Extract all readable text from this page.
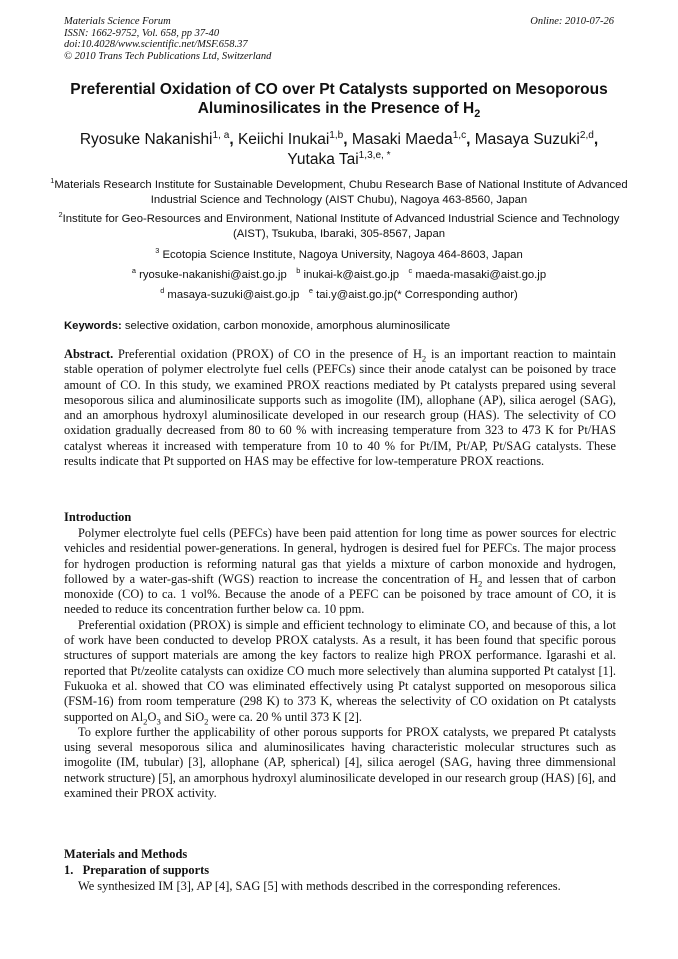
Materials Science Forum
ISSN: 1662-9752, Vol. 658, pp 37-40
doi:10.4028/www.scientific.net/MSF.658.37
© 2010 Trans Tech Publications Ltd, Switzerland
Online: 2010-07-26
Preferential Oxidation of CO over Pt Catalysts supported on Mesoporous
Aluminosilicates in the Presence of $H_2$
Ryosuke Nakanishi$^{1, a}$, Keiichi Inukai$^{1,b}$, Masaki Maeda$^{1,c}$, Masaya Suzuki$^{2,d}$,
Yutaka Tai$^{1,3,e, *}$
$^1$Materials Research Institute for Sustainable Development, Chubu Research Base of National Institute of Advanced Industrial Science and Technology (AIST Chubu), Nagoya 463-8560, Japan
$^2$Institute for Geo-Resources and Environment, National Institute of Advanced Industrial Science and Technology (AIST), Tsukuba, Ibaraki, 305-8567, Japan
$^3$ Ecotopia Science Institute, Nagoya University, Nagoya 464-8603, Japan
$^a$ ryosuke-nakanishi@aist.go.jp $^b$ inukai-k@aist.go.jp $^c$ maeda-masaki@aist.go.jp
$^d$ masaya-suzuki@aist.go.jp $^e$ tai.y@aist.go.jp(* Corresponding author)
Keywords: selective oxidation, carbon monoxide, amorphous aluminosilicate

Abstract. Preferential oxidation (PROX) of CO in the presence of $H_2$ is an important reaction to maintain stable operation of polymer electrolyte fuel cells (PEFCs) since their anode catalyst can be poisoned by trace amount of CO. In this study, we examined PROX reactions mediated by Pt catalysts prepared using several mesoporous silica and aluminosilicate supports such as imogolite (IM), allophane (AP), silica aerogel (SAG), and an amorphous hydroxyl aluminosilicate developed in our research group (HAS). The selectivity of CO oxidation gradually decreased from 80 to 60 % with increasing temperature from 323 to 473 K for Pt/HAS catalyst whereas it increased with temperature from 10 to 40 % for Pt/IM, Pt/AP, Pt/SAG catalysts. These results indicate that Pt supported on HAS may be effective for low-temperature PROX reactions.

Introduction

Polymer electrolyte fuel cells (PEFCs) have been paid attention for long time as power sources for electric vehicles and residential power-generations. In general, hydrogen is desired fuel for PEFCs. The major process for hydrogen production is reforming natural gas that yields a mixture of carbon monoxide and hydrogen, followed by a water-gas-shift (WGS) reaction to increase the concentration of $H_2$ and lessen that of carbon monoxide (CO) to ca. 1 vol%. Because the anode of a PEFC can be poisoned by trace amount of CO, it is needed to reduce its concentration further below ca. 10 ppm.

Preferential oxidation (PROX) is simple and efficient technology to eliminate CO, and because of this, a lot of work have been conducted to develop PROX catalysts. As a result, it has been found that specific porous structures of support materials are among the key factors to realize high PROX performance. Igarashi et al. reported that Pt/zeolite catalysts can oxidize CO much more selectively than alumina supported Pt catalyst [1]. Fukuoka et al. showed that CO was eliminated effectively using Pt catalyst supported on mesoporous silica (FSM-16) from room temperature (298 K) to 373 K, whereas the selectivity of CO oxidation on Pt catalysts supported on $Al_2O_3$ and SiO$_2$ were ca. 20 % until 373 K [2].

To explore further the applicability of other porous supports for PROX catalysts, we prepared Pt catalysts using several mesoporous silica and aluminosilicates having characteristic molecular structures such as imogolite (IM, tubular) [3], allophane (AP, spherical) [4], silica aerogel (SAG, having three dimmensional network structure) [5], an amorphous hydroxyl aluminosilicate developed in our research group (HAS) [6], and examined their PROX activity.

Materials and Methods
1.   Preparation of supports

We synthesized IM [3], AP [4], SAG [5] with methods described in the corresponding references.
